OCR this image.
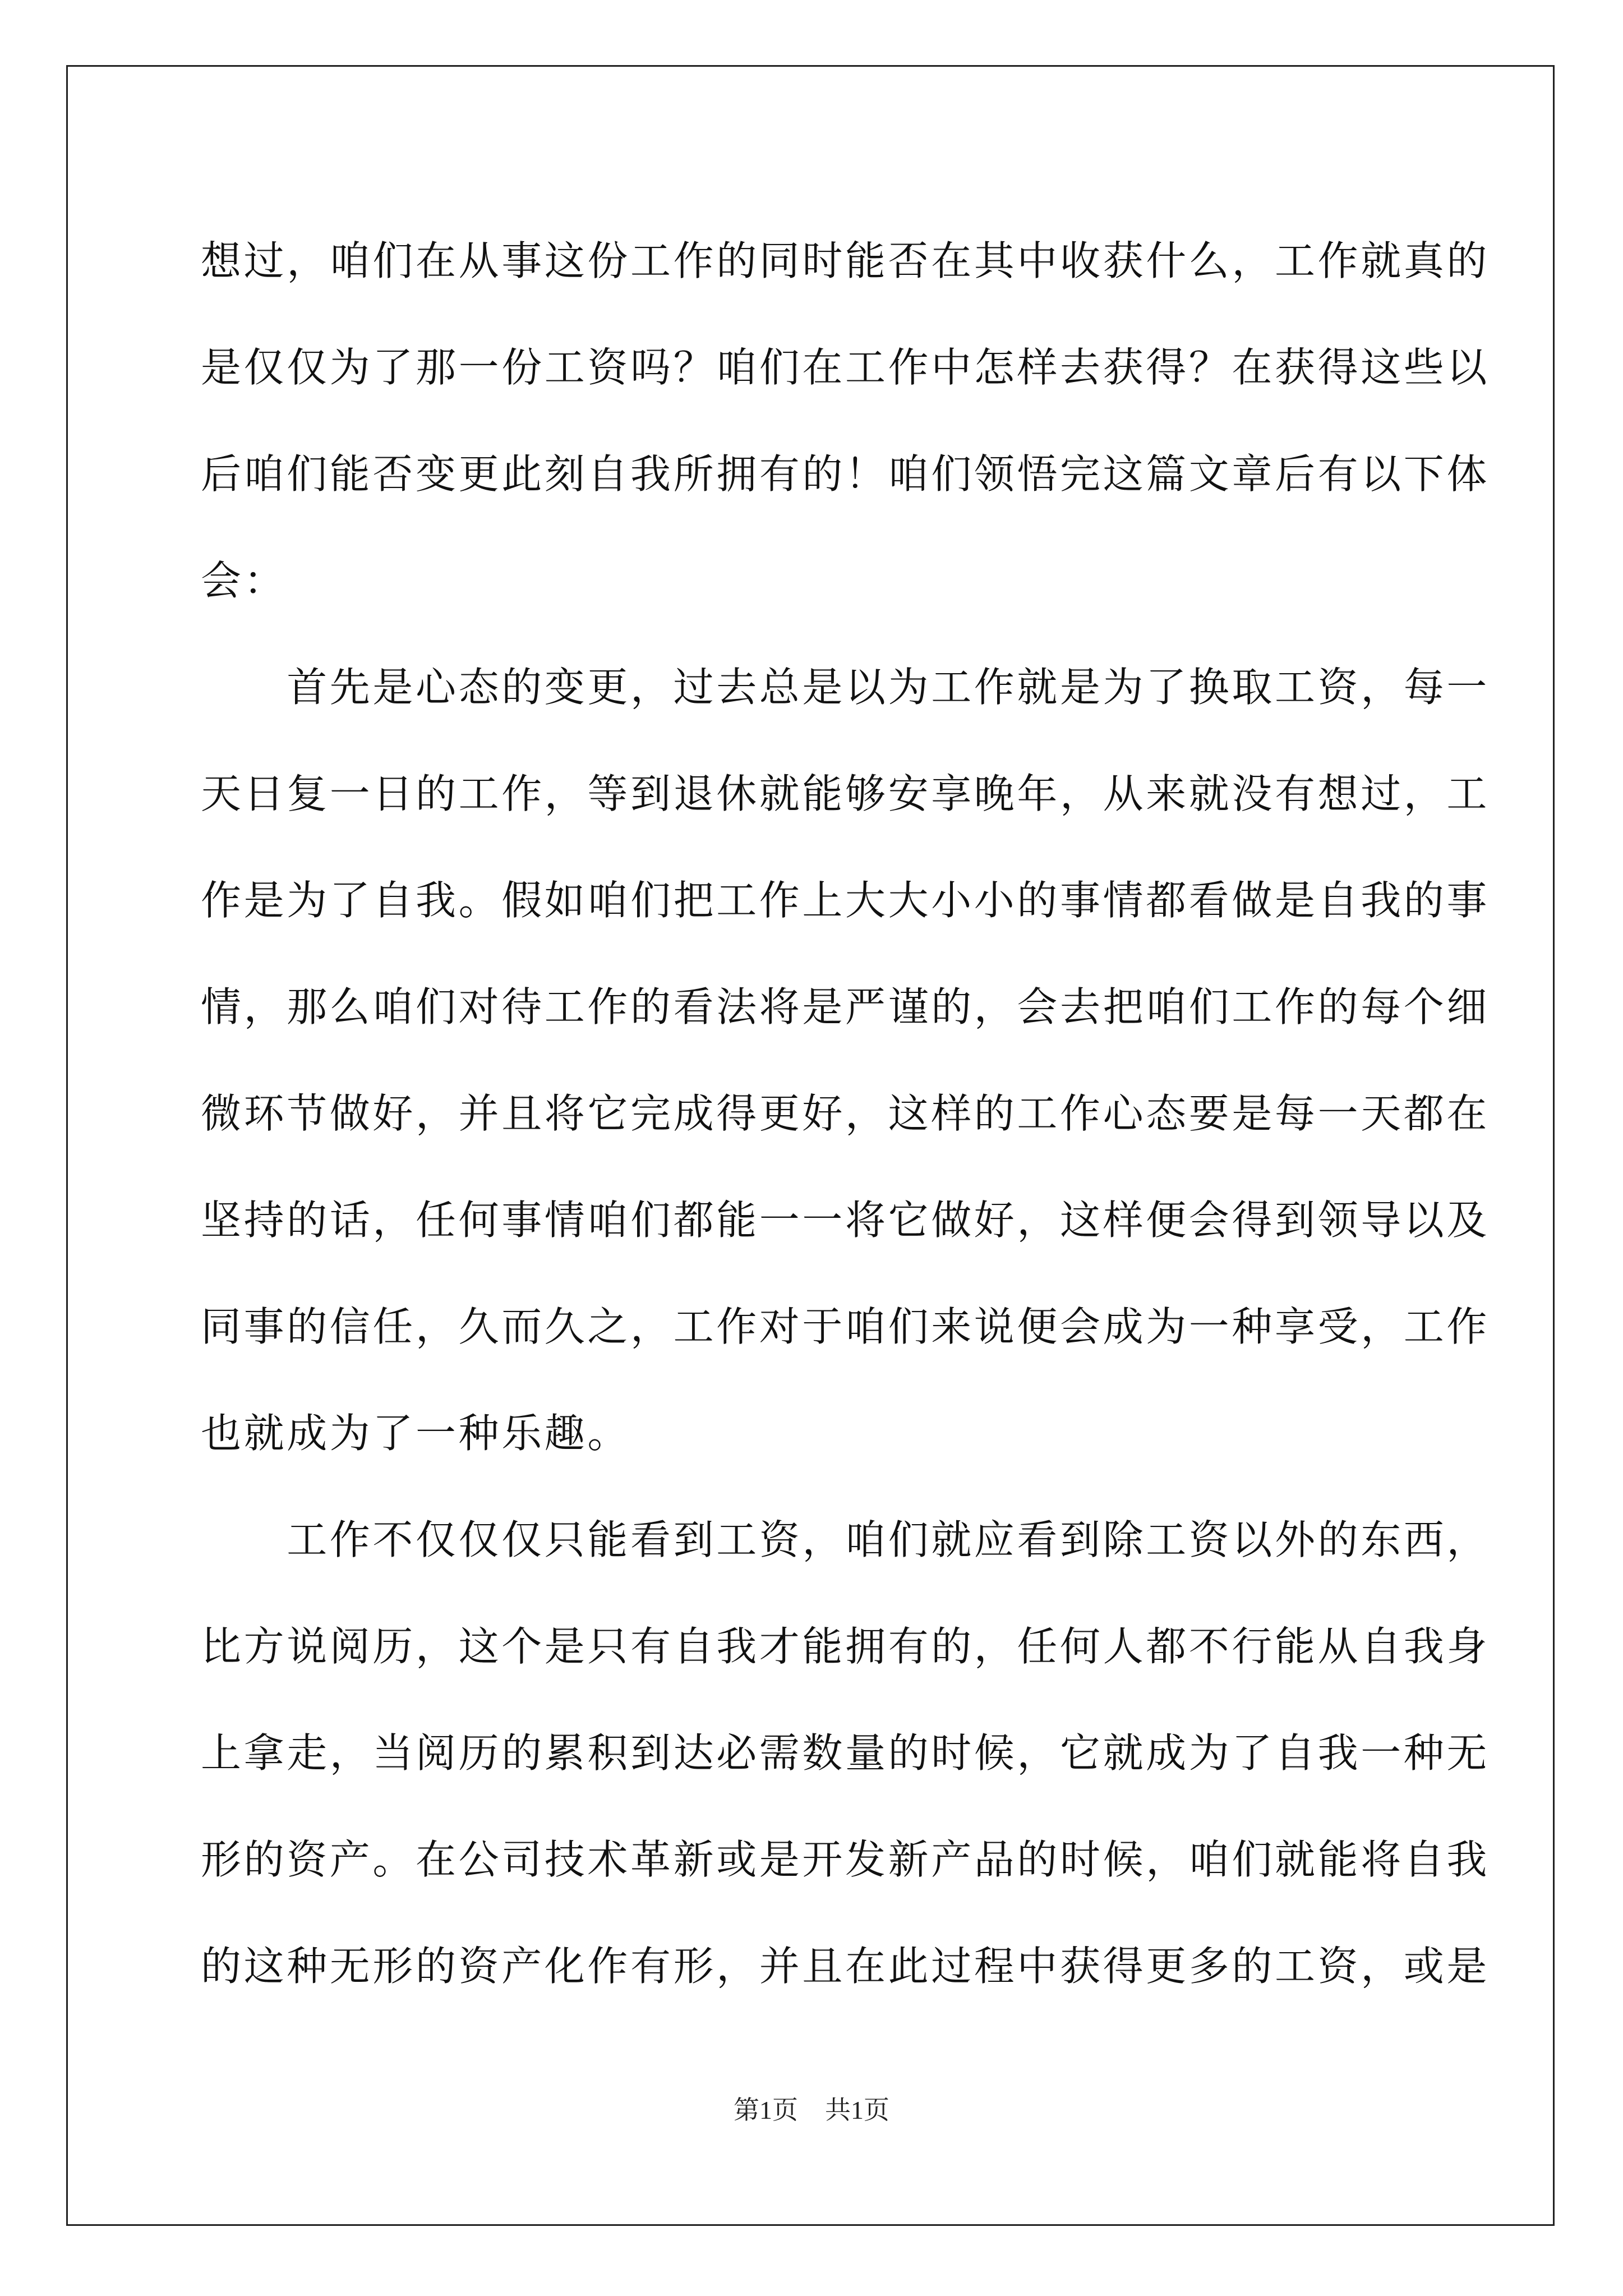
想过，咱们在从事这份工作的同时能否在其中收获什么，工作就真的
是仅仅为了那一份工资吗？咱们在工作中怎样去获得？在获得这些以
后咱们能否变更此刻自我所拥有的！咱们领悟完这篇文章后有以下体
会：
　　首先是心态的变更，过去总是以为工作就是为了换取工资，每一
天日复一日的工作，等到退休就能够安享晚年，从来就没有想过，工
作是为了自我。假如咱们把工作上大大小小的事情都看做是自我的事
情，那么咱们对待工作的看法将是严谨的，会去把咱们工作的每个细
微环节做好，并且将它完成得更好，这样的工作心态要是每一天都在
坚持的话，任何事情咱们都能一一将它做好，这样便会得到领导以及
同事的信任，久而久之，工作对于咱们来说便会成为一种享受，工作
也就成为了一种乐趣。
　　工作不仅仅仅只能看到工资，咱们就应看到除工资以外的东西，
比方说阅历，这个是只有自我才能拥有的，任何人都不行能从自我身
上拿走，当阅历的累积到达必需数量的时候，它就成为了自我一种无
形的资产。在公司技术革新或是开发新产品的时候，咱们就能将自我
的这种无形的资产化作有形，并且在此过程中获得更多的工资，或是
第1页 共1页
